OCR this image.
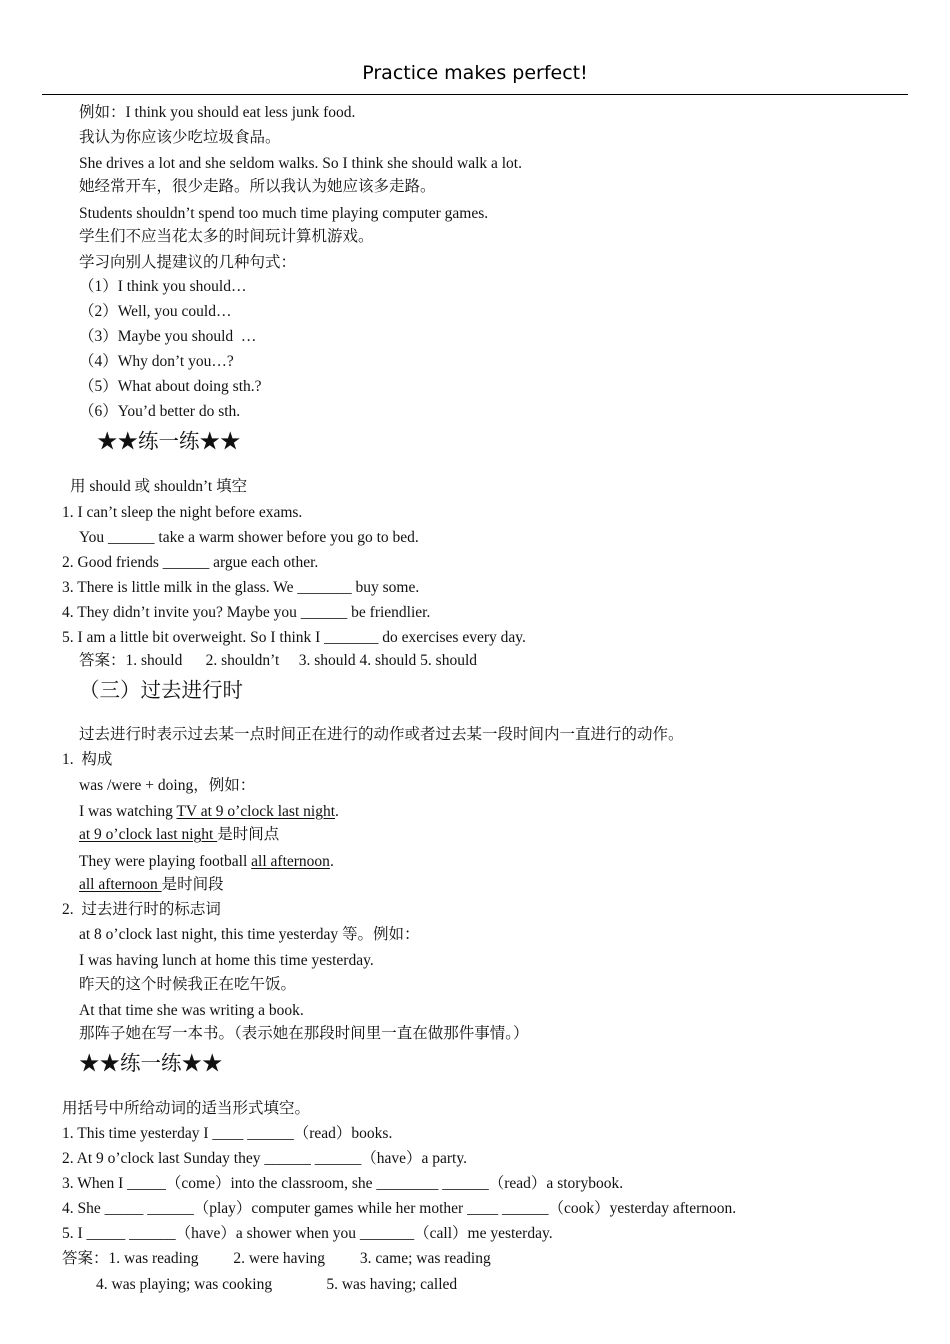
Practice makes perfect!
例如：I think you should eat less junk food.
我认为你应该少吃垃圾食品。
She drives a lot and she seldom walks. So I think she should walk a lot.
她经常开车，很少走路。所以我认为她应该多走路。
Students shouldn’t spend too much time playing computer games.
学生们不应当花太多的时间玩计算机游戏。
学习向别人提建议的几种句式：
（1）I think you should…
（2）Well, you could…
（3）Maybe you should  …
（4）Why don’t you…?
（5）What about doing sth.?
（6）You’d better do sth.
★★练一练★★
用 should 或 shouldn’t 填空
1. I can’t sleep the night before exams.
You ______ take a warm shower before you go to bed.
2. Good friends ______ argue each other.
3. There is little milk in the glass. We _______ buy some.
4. They didn’t invite you? Maybe you ______ be friendlier.
5. I am a little bit overweight. So I think I _______ do exercises every day.
答案：1. should      2. shouldn’t     3. should 4. should 5. should
（三）过去进行时
过去进行时表示过去某一点时间正在进行的动作或者过去某一段时间内一直进行的动作。
1.  构成
was /were + doing，例如：
I was watching TV at 9 o’clock last night.
at 9 o’clock last night 是时间点
They were playing football all afternoon.
all afternoon 是时间段
2.  过去进行时的标志词
at 8 o’clock last night, this time yesterday 等。例如：
I was having lunch at home this time yesterday.
昨天的这个时候我正在吃午饭。
At that time she was writing a book.
那阵子她在写一本书。（表示她在那段时间里一直在做那件事情。）
★★练一练★★
用括号中所给动词的适当形式填空。
1. This time yesterday I ____ ______（read）books.
2. At 9 o’clock last Sunday they ______ ______（have）a party.
3. When I _____（come）into the classroom, she ________ ______（read）a storybook.
4. She _____ ______（play）computer games while her mother ____ ______（cook）yesterday afternoon.
5. I _____ ______（have）a shower when you _______（call）me yesterday.
答案：1. was reading         2. were having         3. came; was reading
4. was playing; was cooking              5. was having; called
